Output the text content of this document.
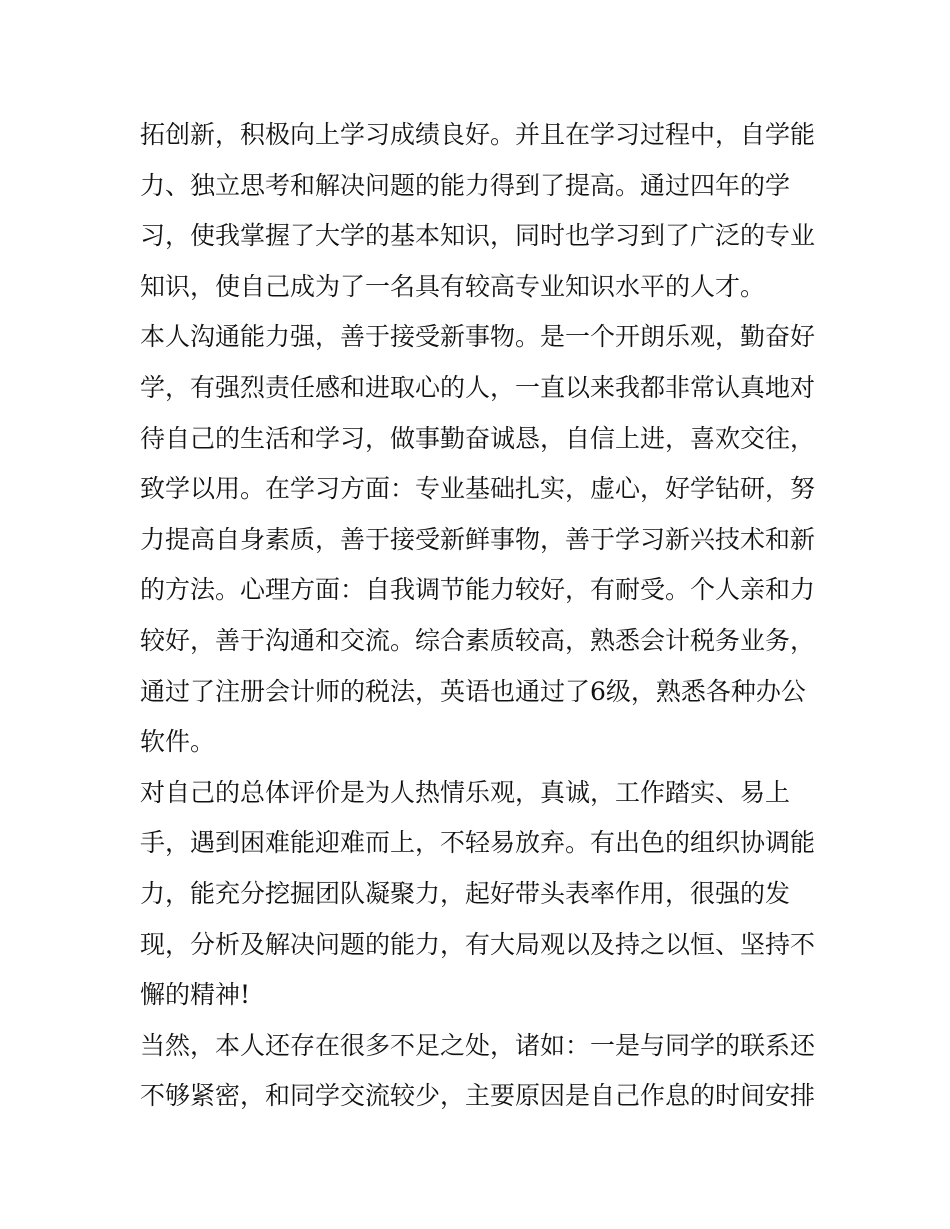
拓创新，积极向上学习成绩良好。并且在学习过程中，自学能
力、独立思考和解决问题的能力得到了提高。通过四年的学
习，使我掌握了大学的基本知识，同时也学习到了广泛的专业
知识，使自己成为了一名具有较高专业知识水平的人才。
本人沟通能力强，善于接受新事物。是一个开朗乐观，勤奋好
学，有强烈责任感和进取心的人，一直以来我都非常认真地对
待自己的生活和学习，做事勤奋诚恳，自信上进，喜欢交往，
致学以用。在学习方面：专业基础扎实，虚心，好学钻研，努
力提高自身素质，善于接受新鲜事物，善于学习新兴技术和新
的方法。心理方面：自我调节能力较好，有耐受。个人亲和力
较好，善于沟通和交流。综合素质较高，熟悉会计税务业务，
通过了注册会计师的税法，英语也通过了6级，熟悉各种办公
软件。
对自己的总体评价是为人热情乐观，真诚，工作踏实、易上
手，遇到困难能迎难而上，不轻易放弃。有出色的组织协调能
力，能充分挖掘团队凝聚力，起好带头表率作用，很强的发
现，分析及解决问题的能力，有大局观以及持之以恒、坚持不
懈的精神!
当然，本人还存在很多不足之处，诸如：一是与同学的联系还
不够紧密，和同学交流较少，主要原因是自己作息的时间安排
